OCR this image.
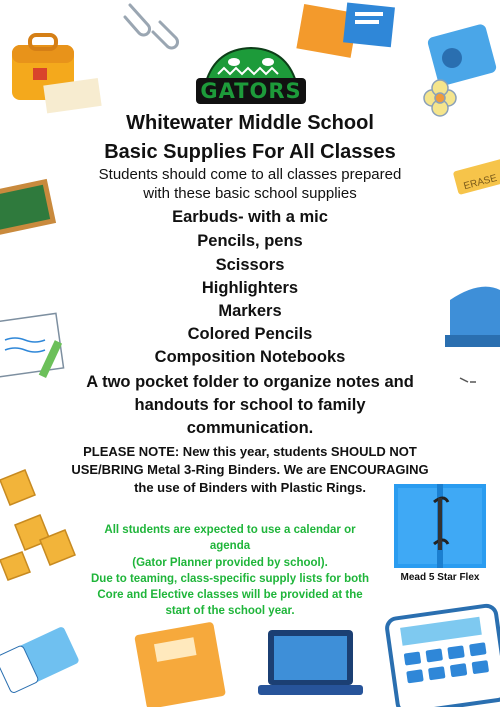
ERASE
GATORS
Whitewater Middle School
Basic Supplies For All Classes
Students should come to all classes prepared
with these basic school supplies
Earbuds- with a mic
Pencils, pens
Scissors
Highlighters
Markers
Colored Pencils
Composition Notebooks
A two pocket folder to organize notes and
handouts for school to family
communication.
PLEASE NOTE: New this year, students SHOULD NOT
USE/BRING Metal 3-Ring Binders. We are ENCOURAGING
the use of Binders with Plastic Rings.
All students are expected to use a calendar or
agenda
(Gator Planner provided by school).
Due to teaming, class-specific supply lists for both
Core and Elective classes will be provided at the
start of the school year.
Mead 5 Star Flex
